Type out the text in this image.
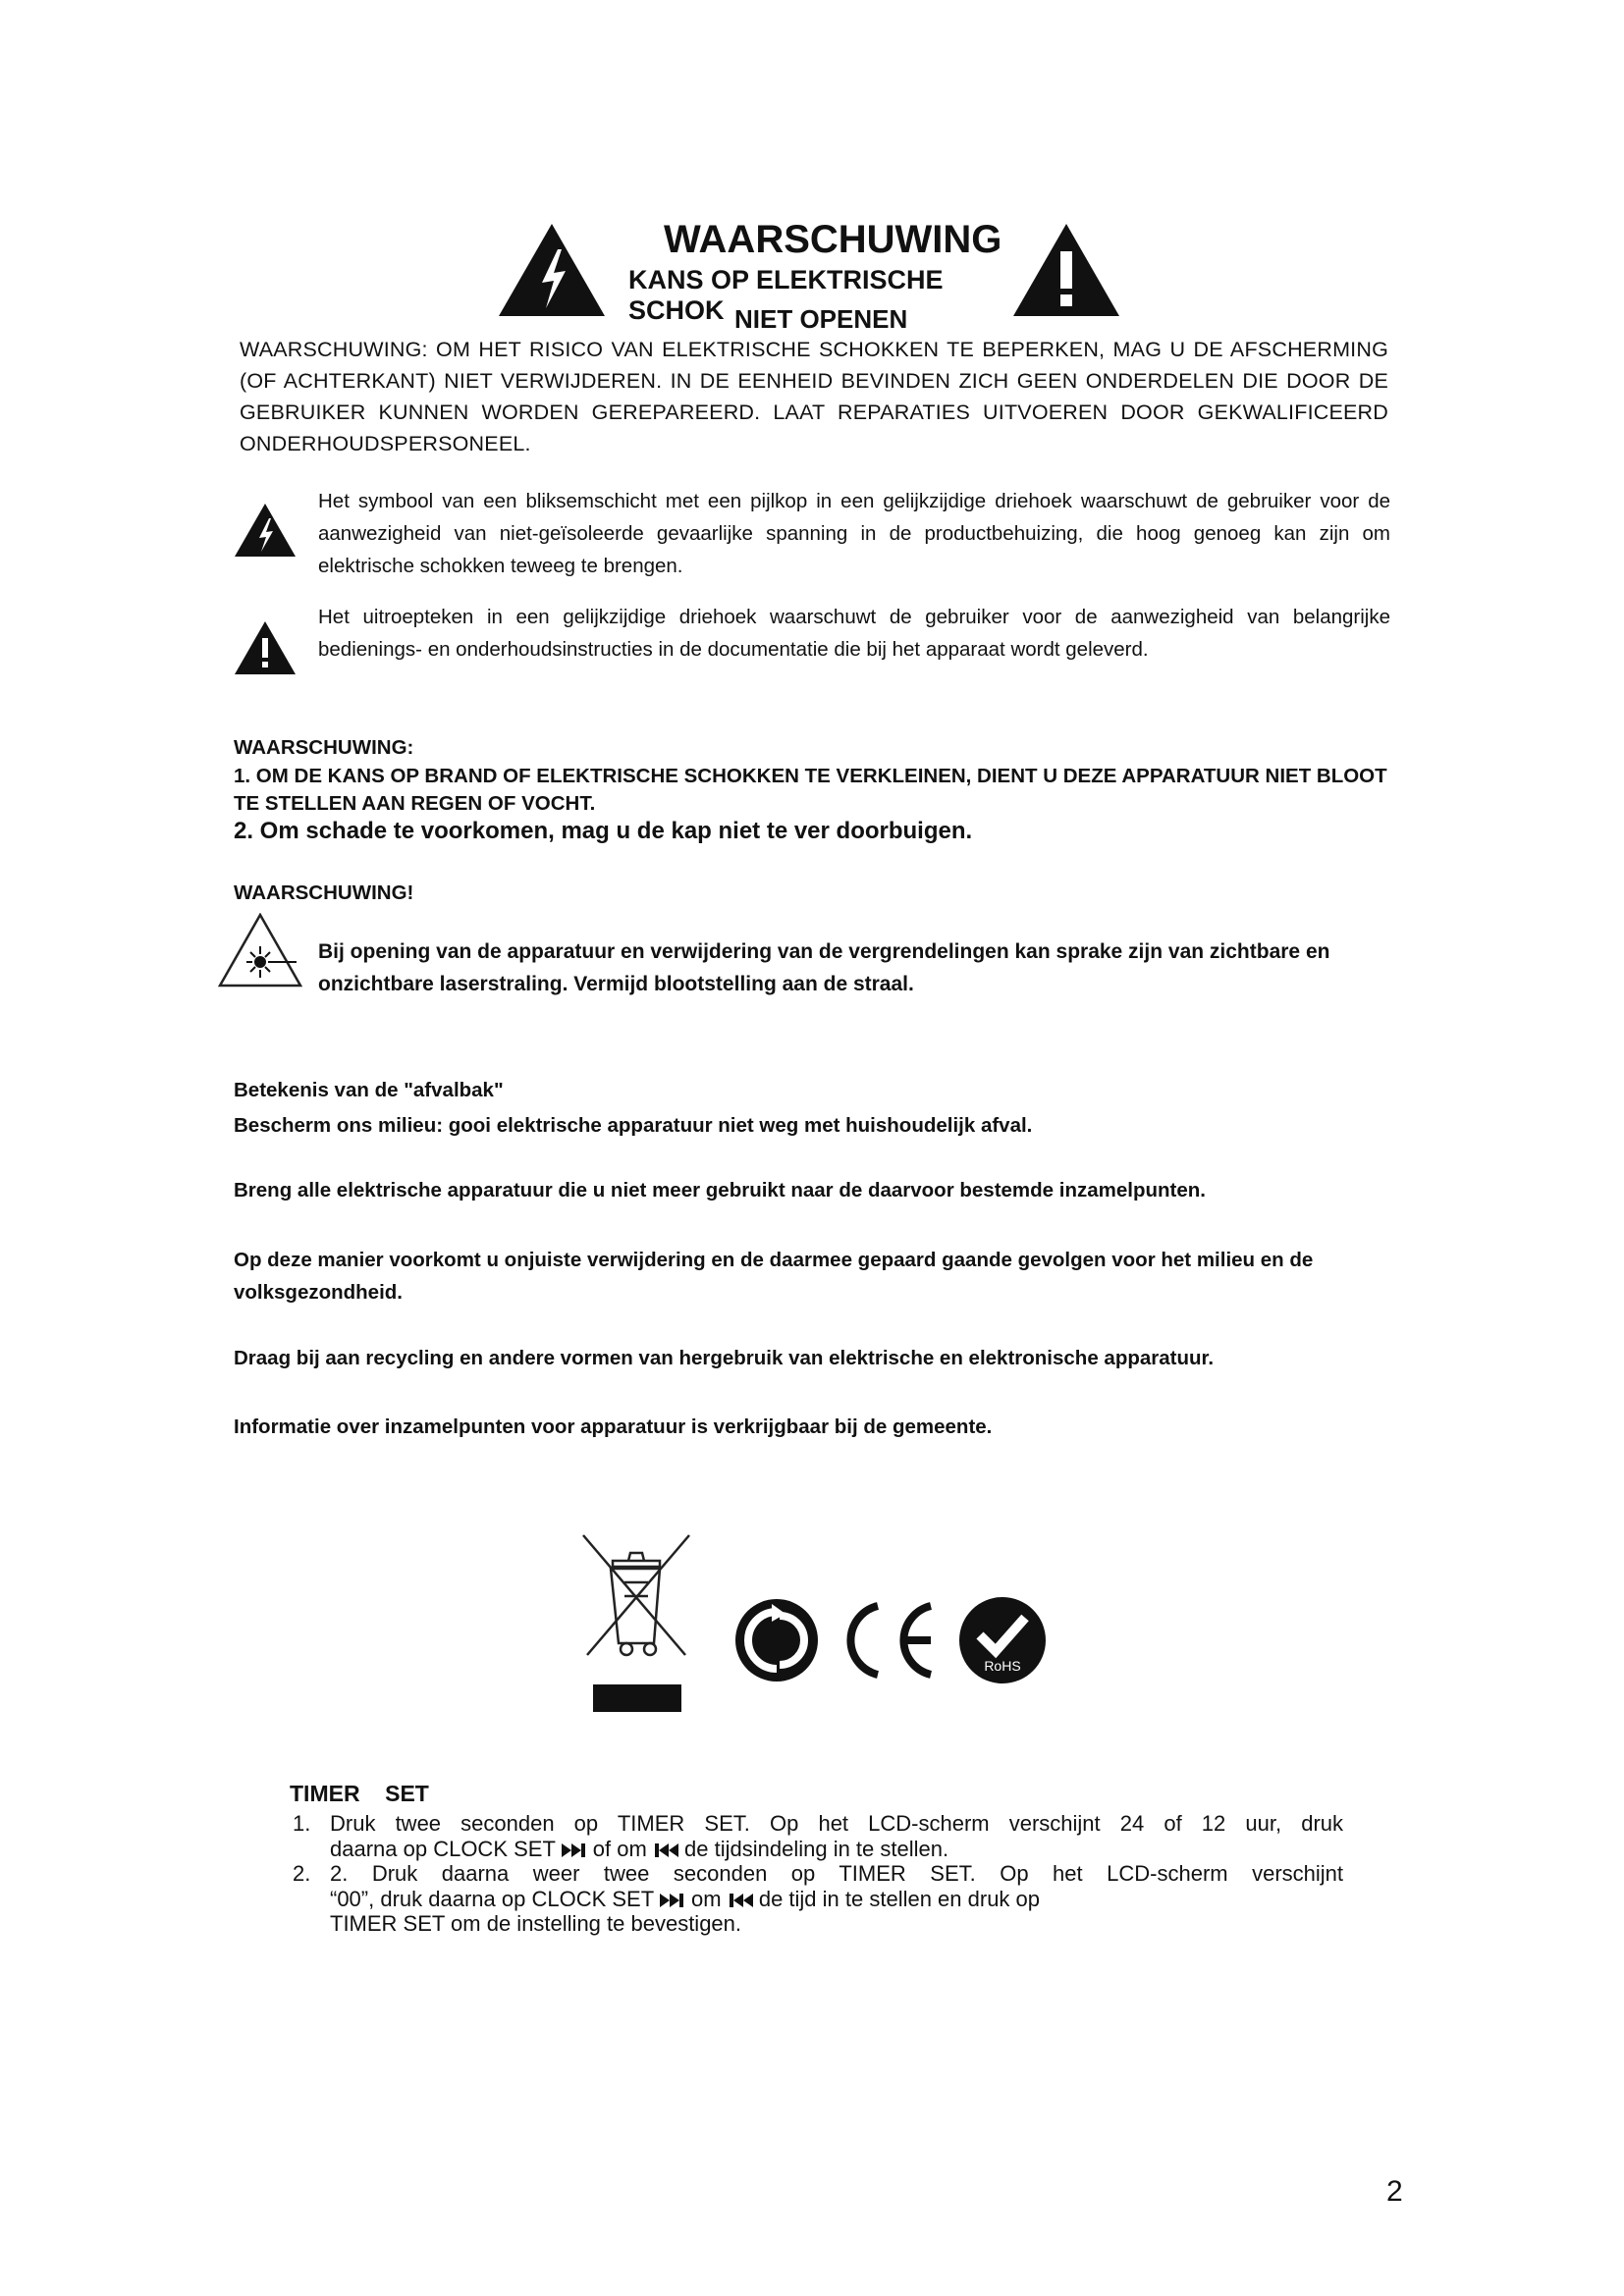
WAARSCHUWING
KANS OP ELEKTRISCHE SCHOK NIET OPENEN
WAARSCHUWING: OM HET RISICO VAN ELEKTRISCHE SCHOKKEN TE BEPERKEN, MAG U DE AFSCHERMING (OF ACHTERKANT) NIET VERWIJDEREN. IN DE EENHEID BEVINDEN ZICH GEEN ONDERDELEN DIE DOOR DE GEBRUIKER KUNNEN WORDEN GEREPAREERD. LAAT REPARATIES UITVOEREN DOOR GEKWALIFICEERD ONDERHOUDSPERSONEEL.
Het symbool van een bliksemschicht met een pijlkop in een gelijkzijdige driehoek waarschuwt de gebruiker voor de aanwezigheid van niet-geïsoleerde gevaarlijke spanning in de productbehuizing, die hoog genoeg kan zijn om elektrische schokken teweeg te brengen.
Het uitroepteken in een gelijkzijdige driehoek waarschuwt de gebruiker voor de aanwezigheid van belangrijke bedienings- en onderhoudsinstructies in de documentatie die bij het apparaat wordt geleverd.
WAARSCHUWING:
1. OM DE KANS OP BRAND OF ELEKTRISCHE SCHOKKEN TE VERKLEINEN, DIENT U DEZE APPARATUUR NIET BLOOT TE STELLEN AAN REGEN OF VOCHT.
2. Om schade te voorkomen, mag u de kap niet te ver doorbuigen.
WAARSCHUWING!
Bij opening van de apparatuur en verwijdering van de vergrendelingen kan sprake zijn van zichtbare en onzichtbare laserstraling. Vermijd blootstelling aan de straal.
Betekenis van de "afvalbak"
Bescherm ons milieu: gooi elektrische apparatuur niet weg met huishoudelijk afval.
Breng alle elektrische apparatuur die u niet meer gebruikt naar de daarvoor bestemde inzamelpunten.
Op deze manier voorkomt u onjuiste verwijdering en de daarmee gepaard gaande gevolgen voor het milieu en de volksgezondheid.
Draag bij aan recycling en andere vormen van hergebruik van elektrische en elektronische apparatuur.
Informatie over inzamelpunten voor apparatuur is verkrijgbaar bij de gemeente.
RoHS
TIMER    SET
1. Druk twee seconden op TIMER SET. Op het LCD-scherm verschijnt 24 of 12 uur, druk
daarna op CLOCK SET of om de tijdsindeling in te stellen.
2. 2. Druk daarna weer twee seconden op TIMER SET. Op het LCD-scherm verschijnt
“00”, druk daarna op CLOCK SET om de tijd in te stellen en druk op
TIMER SET om de instelling te bevestigen.
2
